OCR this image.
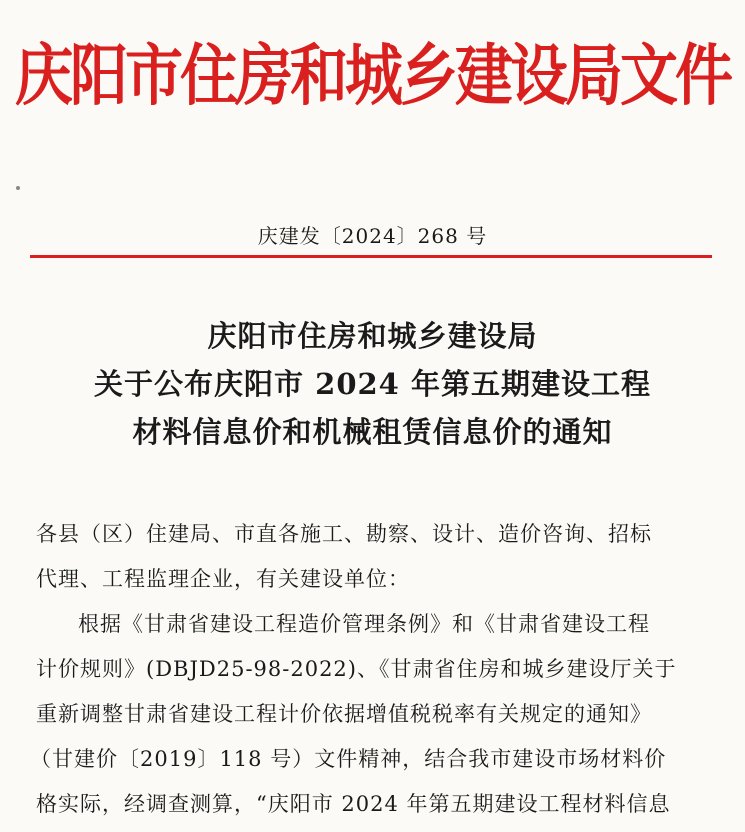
庆阳市住房和城乡建设局文件
庆建发〔2024〕268 号
庆阳市住房和城乡建设局
关于公布庆阳市 2024 年第五期建设工程
材料信息价和机械租赁信息价的通知
各县（区）住建局、市直各施工、勘察、设计、造价咨询、招标
代理、工程监理企业，有关建设单位：
根据《甘肃省建设工程造价管理条例》和《甘肃省建设工程
计价规则》(DBJD25-98-2022)、《甘肃省住房和城乡建设厅关于
重新调整甘肃省建设工程计价依据增值税税率有关规定的通知》
（甘建价〔2019〕118 号）文件精神，结合我市建设市场材料价
格实际，经调查测算，“庆阳市 2024 年第五期建设工程材料信息
